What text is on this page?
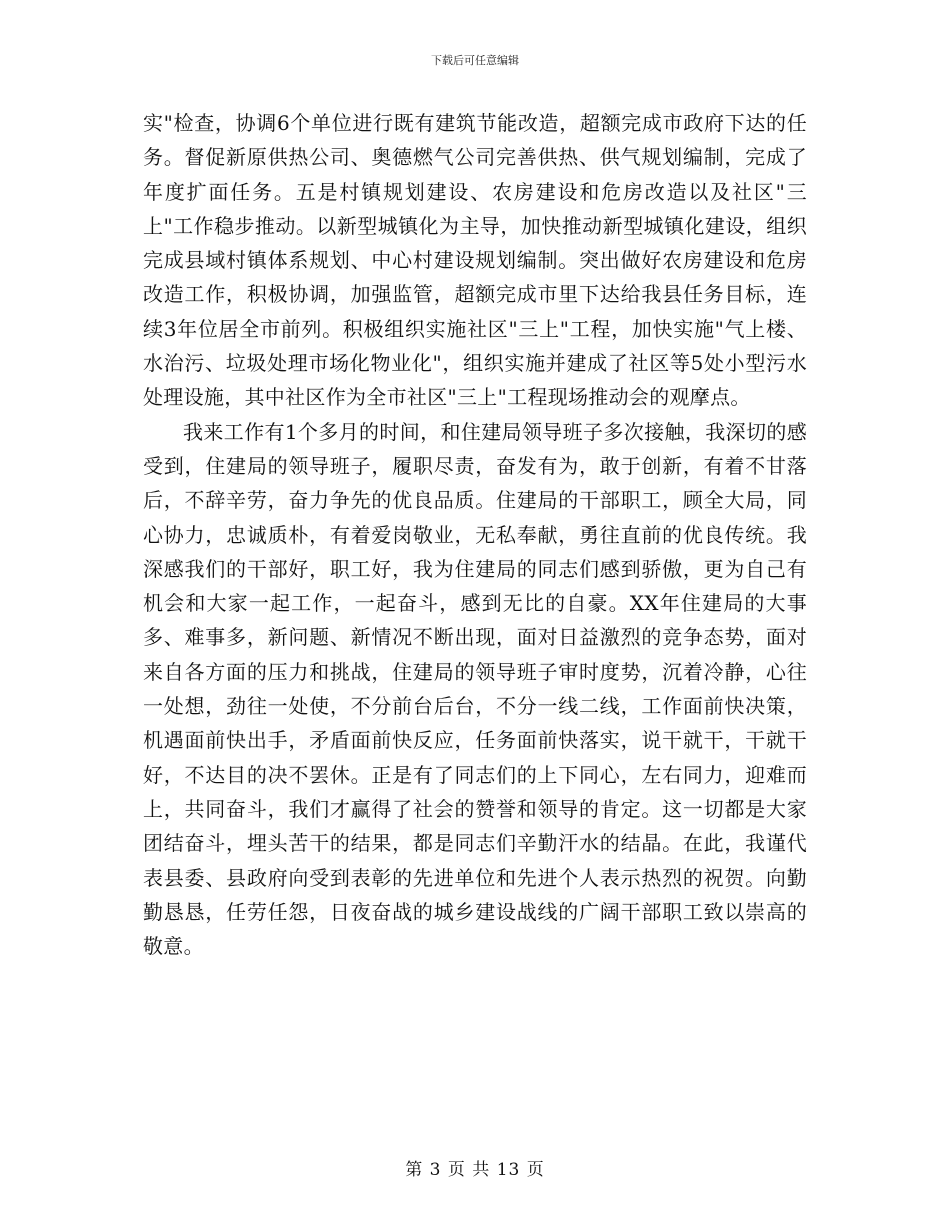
下载后可任意编辑

实"检查，协调6个单位进行既有建筑节能改造，超额完成市政府下达的任务。督促新原供热公司、奥德燃气公司完善供热、供气规划编制，完成了年度扩面任务。五是村镇规划建设、农房建设和危房改造以及社区"三上"工作稳步推动。以新型城镇化为主导，加快推动新型城镇化建设，组织完成县域村镇体系规划、中心村建设规划编制。突出做好农房建设和危房改造工作，积极协调，加强监管，超额完成市里下达给我县任务目标，连续3年位居全市前列。积极组织实施社区"三上"工程，加快实施"气上楼、水治污、垃圾处理市场化物业化"，组织实施并建成了社区等5处小型污水处理设施，其中社区作为全市社区"三上"工程现场推动会的观摩点。

我来工作有1个多月的时间，和住建局领导班子多次接触，我深切的感受到，住建局的领导班子，履职尽责，奋发有为，敢于创新，有着不甘落后，不辞辛劳，奋力争先的优良品质。住建局的干部职工，顾全大局，同心协力，忠诚质朴，有着爱岗敬业，无私奉献，勇往直前的优良传统。我深感我们的干部好，职工好，我为住建局的同志们感到骄傲，更为自己有机会和大家一起工作，一起奋斗，感到无比的自豪。XX年住建局的大事多、难事多，新问题、新情况不断出现，面对日益激烈的竞争态势，面对来自各方面的压力和挑战，住建局的领导班子审时度势，沉着冷静，心往一处想，劲往一处使，不分前台后台，不分一线二线，工作面前快决策，机遇面前快出手，矛盾面前快反应，任务面前快落实，说干就干，干就干好，不达目的决不罢休。正是有了同志们的上下同心，左右同力，迎难而上，共同奋斗，我们才赢得了社会的赞誉和领导的肯定。这一切都是大家团结奋斗，埋头苦干的结果，都是同志们辛勤汗水的结晶。在此，我谨代表县委、县政府向受到表彰的先进单位和先进个人表示热烈的祝贺。向勤勤恳恳，任劳任怨，日夜奋战的城乡建设战线的广阔干部职工致以崇高的敬意。

第 3 页 共 13 页
